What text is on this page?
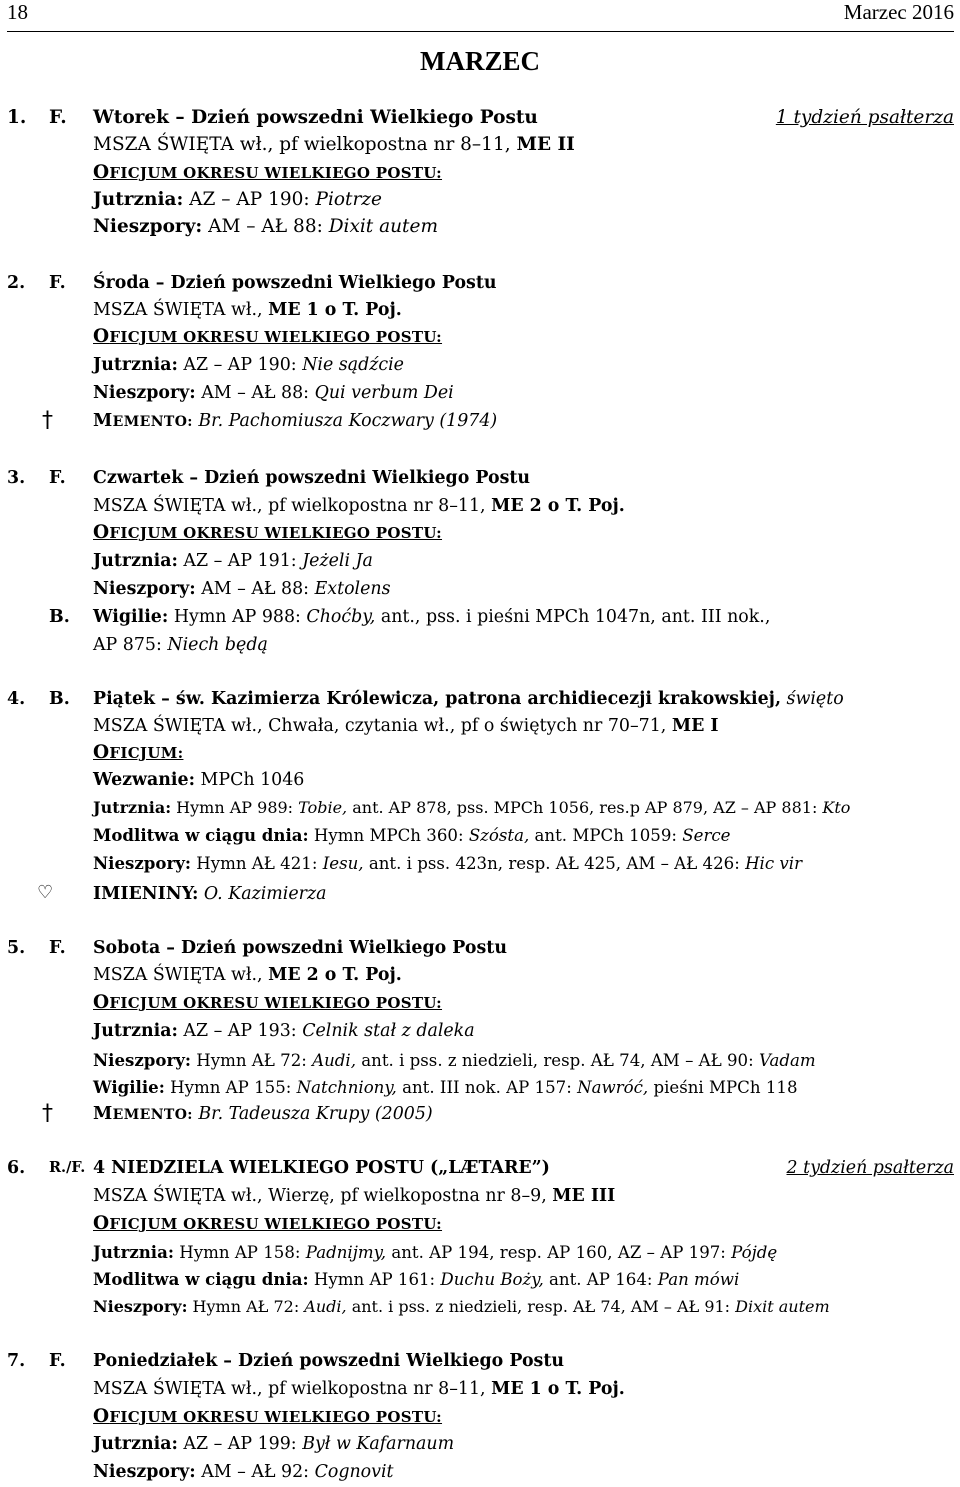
18	Marzec 2016
MARZEC
1. F. Wtorek – Dzień powszedni Wielkiego Postu	1 tydzień psałterza
MSZA ŚWIĘTA wł., pf wielkopostna nr 8–11, ME II
OFICJUM OKRESU WIELKIEGO POSTU:
Jutrznia: AZ – AP 190: Piotrze
Nieszpory: AM – AŁ 88: Dixit autem
2. F. Środa – Dzień powszedni Wielkiego Postu
MSZA ŚWIĘTA wł., ME 1 o T. Poj.
OFICJUM OKRESU WIELKIEGO POSTU:
Jutrznia: AZ – AP 190: Nie sądźcie
Nieszpory: AM – AŁ 88: Qui verbum Dei
† MEMENTO: Br. Pachomiusza Koczwary (1974)
3. F. Czwartek – Dzień powszedni Wielkiego Postu
MSZA ŚWIĘTA wł., pf wielkopostna nr 8–11, ME 2 o T. Poj.
OFICJUM OKRESU WIELKIEGO POSTU:
Jutrznia: AZ – AP 191: Jeżeli Ja
Nieszpory: AM – AŁ 88: Extolens
B. Wigilie: Hymn AP 988: Choćby, ant., pss. i pieśni MPCh 1047n, ant. III nok.,
AP 875: Niech będą
4. B. Piątek – św. Kazimierza Królewicza, patrona archidiecezji krakowskiej, święto
MSZA ŚWIĘTA wł., Chwała, czytania wł., pf o świętych nr 70–71, ME I
OFICJUM:
Wezwanie: MPCh 1046
Jutrznia: Hymn AP 989: Tobie, ant. AP 878, pss. MPCh 1056, res.p AP 879, AZ – AP 881: Kto
Modlitwa w ciągu dnia: Hymn MPCh 360: Szósta, ant. MPCh 1059: Serce
Nieszpory: Hymn AŁ 421: Iesu, ant. i pss. 423n, resp. AŁ 425, AM – AŁ 426: Hic vir
♡ IMIENINY: O. Kazimierza
5. F. Sobota – Dzień powszedni Wielkiego Postu
MSZA ŚWIĘTA wł., ME 2 o T. Poj.
OFICJUM OKRESU WIELKIEGO POSTU:
Jutrznia: AZ – AP 193: Celnik stał z daleka
Nieszpory: Hymn AŁ 72: Audi, ant. i pss. z niedzieli, resp. AŁ 74, AM – AŁ 90: Vadam
Wigilie: Hymn AP 155: Natchniony, ant. III nok. AP 157: Nawróć, pieśni MPCh 118
† MEMENTO: Br. Tadeusza Krupy (2005)
6. R./F. 4 NIEDZIELA WIELKIEGO POSTU („LÆTARE”)	2 tydzień psałterza
MSZA ŚWIĘTA wł., Wierzę, pf wielkopostna nr 8–9, ME III
OFICJUM OKRESU WIELKIEGO POSTU:
Jutrznia: Hymn AP 158: Padnijmy, ant. AP 194, resp. AP 160, AZ – AP 197: Pójdę
Modlitwa w ciągu dnia: Hymn AP 161: Duchu Boży, ant. AP 164: Pan mówi
Nieszpory: Hymn AŁ 72: Audi, ant. i pss. z niedzieli, resp. AŁ 74, AM – AŁ 91: Dixit autem
7. F. Poniedziałek – Dzień powszedni Wielkiego Postu
MSZA ŚWIĘTA wł., pf wielkopostna nr 8–11, ME 1 o T. Poj.
OFICJUM OKRESU WIELKIEGO POSTU:
Jutrznia: AZ – AP 199: Był w Kafarnaum
Nieszpory: AM – AŁ 92: Cognovit
